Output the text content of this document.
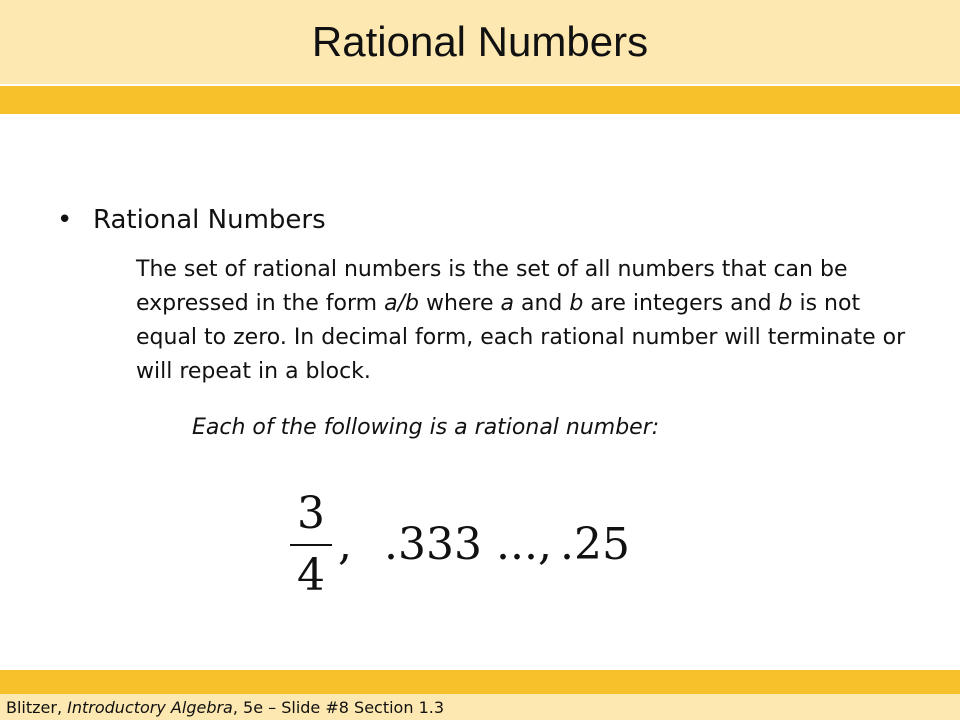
Rational Numbers
• Rational Numbers
The set of rational numbers is the set of all numbers that can be expressed in the form a/b where a and b are integers and b is not equal to zero. In decimal form, each rational number will terminate or will repeat in a block.
Each of the following is a rational number:
3
4
, .333 ..., .25
Blitzer, Introductory Algebra, 5e – Slide #8 Section 1.3
